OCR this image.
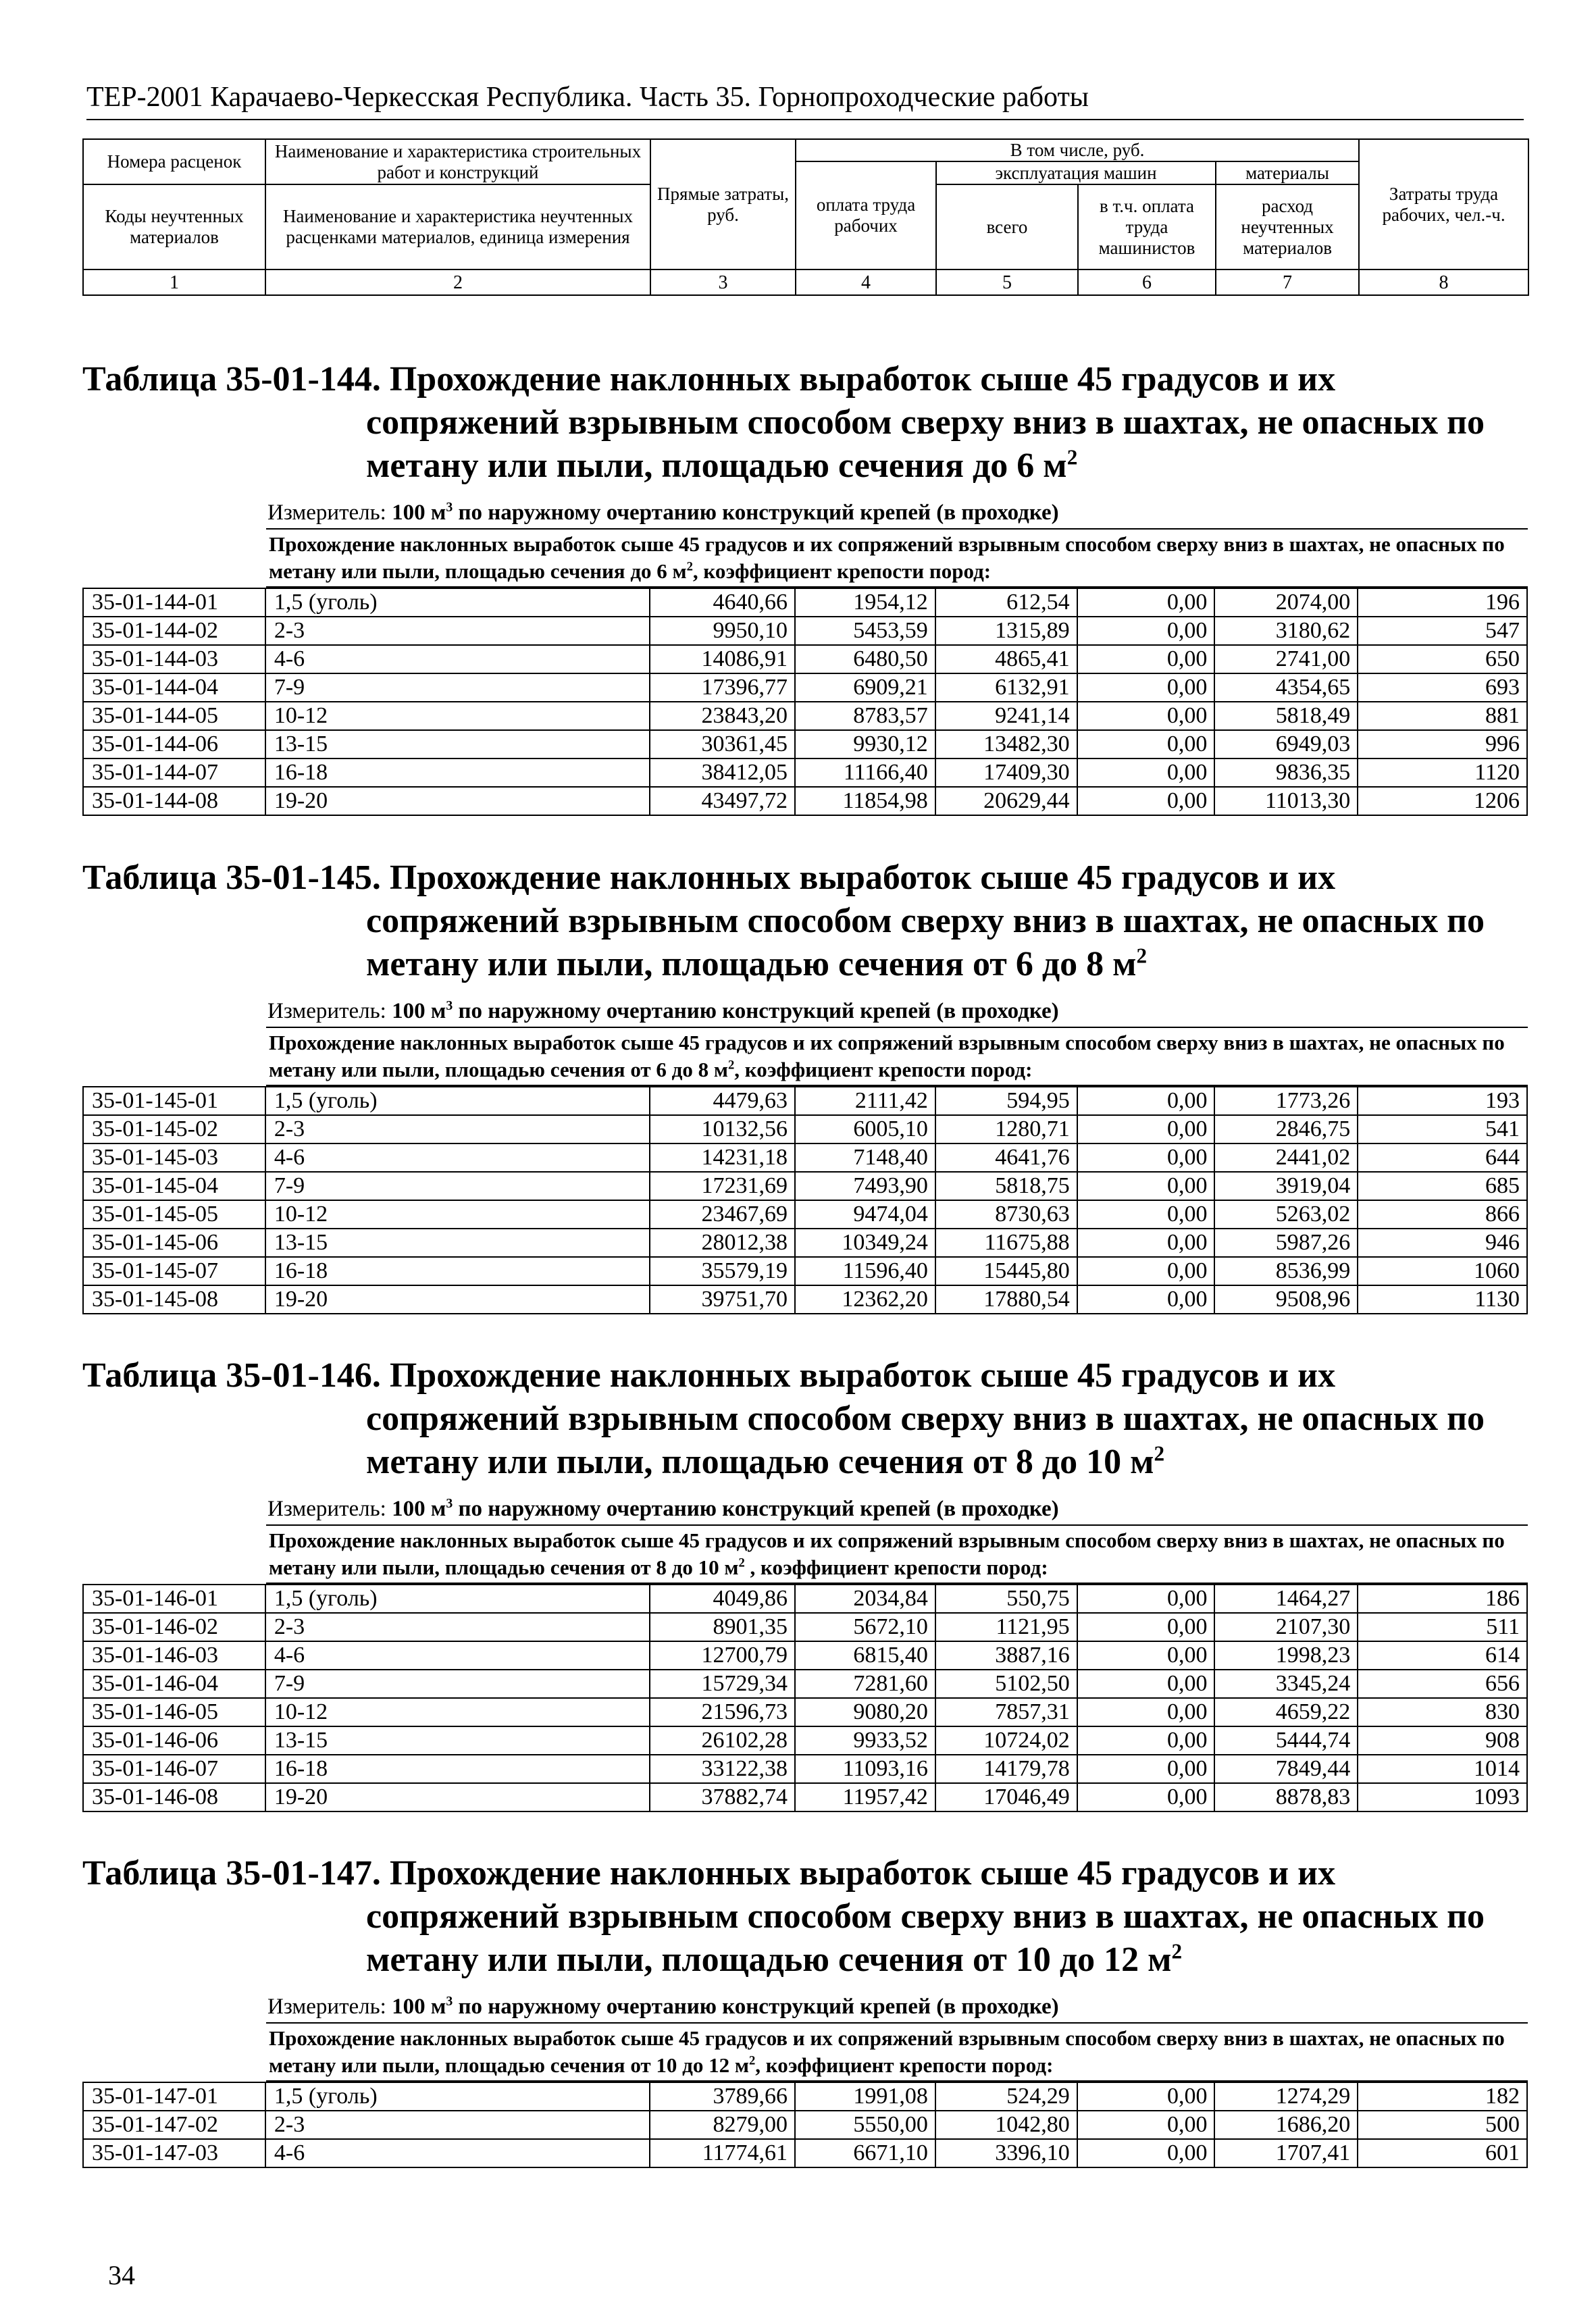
ТЕР-2001 Карачаево-Черкесская Республика. Часть 35. Горнопроходческие работы
Номера расценок	Наименование и характеристика строительных работ и конструкций	Прямые затраты, руб.	В том числе, руб.				Затраты труда рабочих, чел.-ч.
			оплата труда рабочих	эксплуатация машин		материалы	
Коды неучтенных материалов	Наименование и характеристика неучтенных расценками материалов, единица измерения			всего	в т.ч. оплата труда машинистов	расход неучтенных материалов	

1	2	3	4	5	6	7	8
Таблица 35-01-144. Прохождение наклонных выработок сыше 45 градусов и их сопряжений взрывным способом сверху вниз в шахтах, не опасных по метану или пыли, площадью сечения до 6 $м^2$
Измеритель: 100 $м^3$ по наружному очертанию конструкций крепей (в проходке)
Прохождение наклонных выработок сыше 45 градусов и их сопряжений взрывным способом сверху вниз в шахтах, не опасных по метану или пыли, площадью сечения до 6 $м^2$, коэффициент крепости пород:
35-01-144-01	1,5 (уголь)	4640,66	1954,12	612,54	0,00	2074,00	196
35-01-144-02	2-3	9950,10	5453,59	1315,89	0,00	3180,62	547
35-01-144-03	4-6	14086,91	6480,50	4865,41	0,00	2741,00	650
35-01-144-04	7-9	17396,77	6909,21	6132,91	0,00	4354,65	693
35-01-144-05	10-12	23843,20	8783,57	9241,14	0,00	5818,49	881
35-01-144-06	13-15	30361,45	9930,12	13482,30	0,00	6949,03	996
35-01-144-07	16-18	38412,05	11166,40	17409,30	0,00	9836,35	1120
35-01-144-08	19-20	43497,72	11854,98	20629,44	0,00	11013,30	1206
Таблица 35-01-145. Прохождение наклонных выработок сыше 45 градусов и их сопряжений взрывным способом сверху вниз в шахтах, не опасных по метану или пыли, площадью сечения от 6 до 8 $м^2$
Измеритель: 100 $м^3$ по наружному очертанию конструкций крепей (в проходке)
Прохождение наклонных выработок сыше 45 градусов и их сопряжений взрывным способом сверху вниз в шахтах, не опасных по метану или пыли, площадью сечения от 6 до 8 $м^2$, коэффициент крепости пород:
35-01-145-01	1,5 (уголь)	4479,63	2111,42	594,95	0,00	1773,26	193
35-01-145-02	2-3	10132,56	6005,10	1280,71	0,00	2846,75	541
35-01-145-03	4-6	14231,18	7148,40	4641,76	0,00	2441,02	644
35-01-145-04	7-9	17231,69	7493,90	5818,75	0,00	3919,04	685
35-01-145-05	10-12	23467,69	9474,04	8730,63	0,00	5263,02	866
35-01-145-06	13-15	28012,38	10349,24	11675,88	0,00	5987,26	946
35-01-145-07	16-18	35579,19	11596,40	15445,80	0,00	8536,99	1060
35-01-145-08	19-20	39751,70	12362,20	17880,54	0,00	9508,96	1130
Таблица 35-01-146. Прохождение наклонных выработок сыше 45 градусов и их сопряжений взрывным способом сверху вниз в шахтах, не опасных по метану или пыли, площадью сечения от 8 до 10 $м^2$
Измеритель: 100 $м^3$ по наружному очертанию конструкций крепей (в проходке)
Прохождение наклонных выработок сыше 45 градусов и их сопряжений взрывным способом сверху вниз в шахтах, не опасных по метану или пыли, площадью сечения от 8 до 10 $м^2$ , коэффициент крепости пород:
35-01-146-01	1,5 (уголь)	4049,86	2034,84	550,75	0,00	1464,27	186
35-01-146-02	2-3	8901,35	5672,10	1121,95	0,00	2107,30	511
35-01-146-03	4-6	12700,79	6815,40	3887,16	0,00	1998,23	614
35-01-146-04	7-9	15729,34	7281,60	5102,50	0,00	3345,24	656
35-01-146-05	10-12	21596,73	9080,20	7857,31	0,00	4659,22	830
35-01-146-06	13-15	26102,28	9933,52	10724,02	0,00	5444,74	908
35-01-146-07	16-18	33122,38	11093,16	14179,78	0,00	7849,44	1014
35-01-146-08	19-20	37882,74	11957,42	17046,49	0,00	8878,83	1093
Таблица 35-01-147. Прохождение наклонных выработок сыше 45 градусов и их сопряжений взрывным способом сверху вниз в шахтах, не опасных по метану или пыли, площадью сечения от 10 до 12 $м^2$
Измеритель: 100 $м^3$ по наружному очертанию конструкций крепей (в проходке)
Прохождение наклонных выработок сыше 45 градусов и их сопряжений взрывным способом сверху вниз в шахтах, не опасных по метану или пыли, площадью сечения от 10 до 12 $м^2$, коэффициент крепости пород:
35-01-147-01	1,5 (уголь)	3789,66	1991,08	524,29	0,00	1274,29	182
35-01-147-02	2-3	8279,00	5550,00	1042,80	0,00	1686,20	500
35-01-147-03	4-6	11774,61	6671,10	3396,10	0,00	1707,41	601
34
